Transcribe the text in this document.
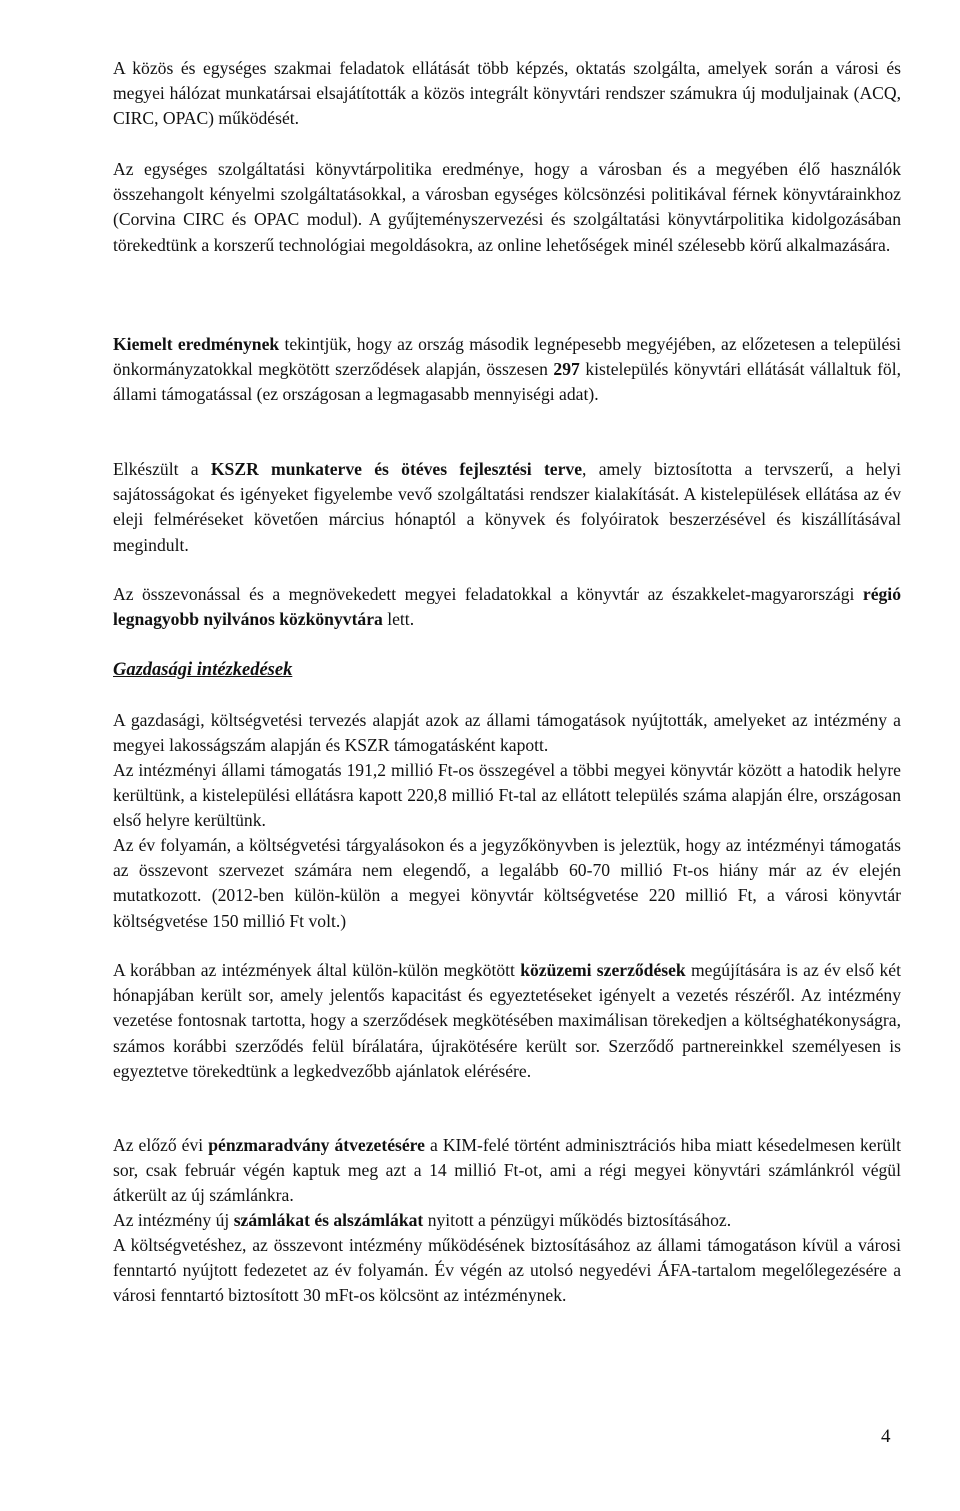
A közös és egységes szakmai feladatok ellátását több képzés, oktatás szolgálta, amelyek során a városi és megyei hálózat munkatársai elsajátították a közös integrált könyvtári rendszer számukra új moduljainak (ACQ, CIRC, OPAC) működését.

Az egységes szolgáltatási könyvtárpolitika eredménye, hogy a városban és a megyében élő használók összehangolt kényelmi szolgáltatásokkal, a városban egységes kölcsönzési politikával férnek könyvtárainkhoz (Corvina CIRC és OPAC modul). A gyűjteményszervezési és szolgáltatási könyvtárpolitika kidolgozásában törekedtünk a korszerű technológiai megoldásokra, az online lehetőségek minél szélesebb körű alkalmazására.

Kiemelt eredménynek tekintjük, hogy az ország második legnépesebb megyéjében, az előzetesen a települési önkormányzatokkal megkötött szerződések alapján, összesen 297 kistelepülés könyvtári ellátását vállaltuk föl, állami támogatással (ez országosan a legmagasabb mennyiségi adat).

Elkészült a KSZR munkaterve és ötéves fejlesztési terve, amely biztosította a tervszerű, a helyi sajátosságokat és igényeket figyelembe vevő szolgáltatási rendszer kialakítását. A kistelepülések ellátása az év eleji felméréseket követően március hónaptól a könyvek és folyóiratok beszerzésével és kiszállításával megindult.

Az összevonással és a megnövekedett megyei feladatokkal a könyvtár az északkelet-magyarországi régió legnagyobb nyilvános közkönyvtára lett.

Gazdasági intézkedések

A gazdasági, költségvetési tervezés alapját azok az állami támogatások nyújtották, amelyeket az intézmény a megyei lakosságszám alapján és KSZR támogatásként kapott.

Az intézményi állami támogatás 191,2 millió Ft-os összegével a többi megyei könyvtár között a hatodik helyre kerültünk, a kistelepülési ellátásra kapott 220,8 millió Ft-tal az ellátott település száma alapján élre, országosan első helyre kerültünk.

Az év folyamán, a költségvetési tárgyalásokon és a jegyzőkönyvben is jeleztük, hogy az intézményi támogatás az összevont szervezet számára nem elegendő, a legalább 60-70 millió Ft-os hiány már az év elején mutatkozott. (2012-ben külön-külön a megyei könyvtár költségvetése 220 millió Ft, a városi könyvtár költségvetése 150 millió Ft volt.)

A korábban az intézmények által külön-külön megkötött közüzemi szerződések megújítására is az év első két hónapjában került sor, amely jelentős kapacitást és egyeztetéseket igényelt a vezetés részéről. Az intézmény vezetése fontosnak tartotta, hogy a szerződések megkötésében maximálisan törekedjen a költséghatékonyságra, számos korábbi szerződés felül bírálatára, újrakötésére került sor. Szerződő partnereinkkel személyesen is egyeztetve törekedtünk a legkedvezőbb ajánlatok elérésére.

Az előző évi pénzmaradvány átvezetésére a KIM-felé történt adminisztrációs hiba miatt késedelmesen került sor, csak február végén kaptuk meg azt a 14 millió Ft-ot, ami a régi megyei könyvtári számlánkról végül átkerült az új számlánkra.

Az intézmény új számlákat és alszámlákat nyitott a pénzügyi működés biztosításához.

A költségvetéshez, az összevont intézmény működésének biztosításához az állami támogatáson kívül a városi fenntartó nyújtott fedezetet az év folyamán. Év végén az utolsó negyedévi ÁFA-tartalom megelőlegezésére a városi fenntartó biztosított 30 mFt-os kölcsönt az intézménynek.

4
